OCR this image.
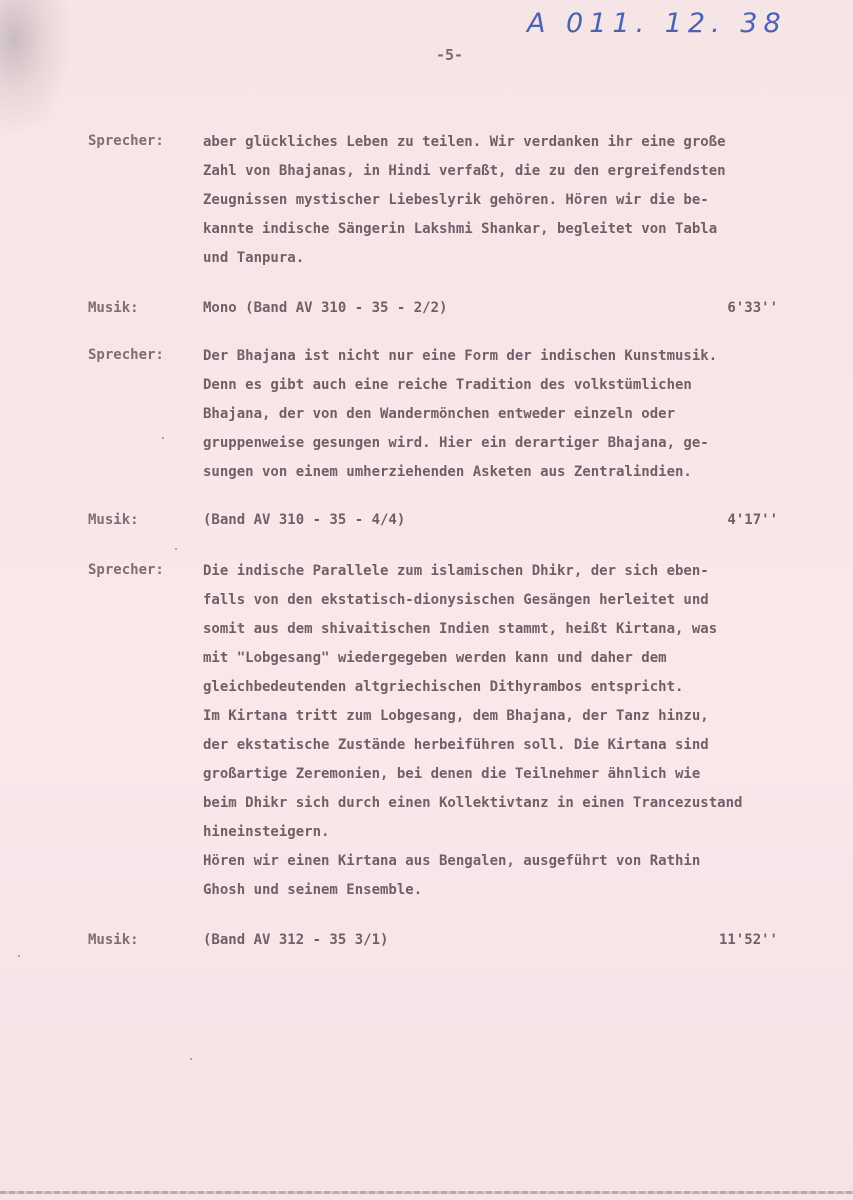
A 011. 12. 38
-5-
Sprecher:	aber glückliches Leben zu teilen. Wir verdanken ihr eine große
Zahl von Bhajanas, in Hindi verfaßt, die zu den ergreifendsten
Zeugnissen mystischer Liebeslyrik gehören. Hören wir die be-
kannte indische Sängerin Lakshmi Shankar, begleitet von Tabla
und Tanpura.
Musik:	Mono (Band AV 310 - 35 - 2/2)	6'33''
Sprecher:	Der Bhajana ist nicht nur eine Form der indischen Kunstmusik.
Denn es gibt auch eine reiche Tradition des volkstümlichen
Bhajana, der von den Wandermönchen entweder einzeln oder
gruppenweise gesungen wird. Hier ein derartiger Bhajana, ge-
sungen von einem umherziehenden Asketen aus Zentralindien.
Musik:	(Band AV 310 - 35 - 4/4)	4'17''
Sprecher:	Die indische Parallele zum islamischen Dhikr, der sich eben-
falls von den ekstatisch-dionysischen Gesängen herleitet und
somit aus dem shivaitischen Indien stammt, heißt Kirtana, was
mit "Lobgesang" wiedergegeben werden kann und daher dem
gleichbedeutenden altgriechischen Dithyrambos entspricht.
Im Kirtana tritt zum Lobgesang, dem Bhajana, der Tanz hinzu,
der ekstatische Zustände herbeiführen soll. Die Kirtana sind
großartige Zeremonien, bei denen die Teilnehmer ähnlich wie
beim Dhikr sich durch einen Kollektivtanz in einen Trancezustand
hineinsteigern.
Hören wir einen Kirtana aus Bengalen, ausgeführt von Rathin
Ghosh und seinem Ensemble.
Musik:	(Band AV 312 - 35 3/1)	11'52''
